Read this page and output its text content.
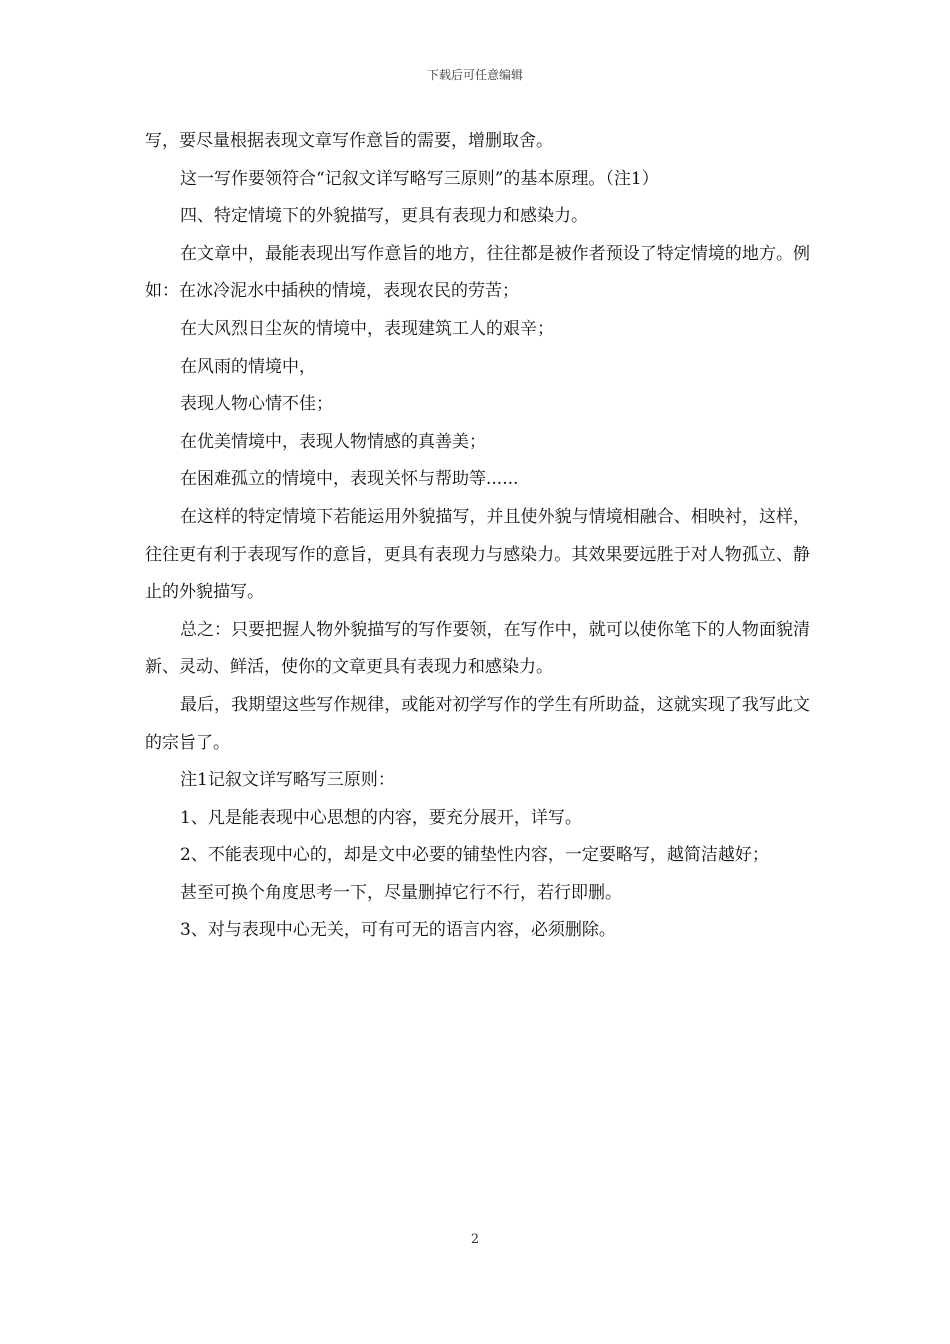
下载后可任意编辑

写，要尽量根据表现文章写作意旨的需要，增删取舍。

这一写作要领符合“记叙文详写略写三原则”的基本原理。（注1）

四、特定情境下的外貌描写，更具有表现力和感染力。

在文章中，最能表现出写作意旨的地方，往往都是被作者预设了特定情境的地方。例如：在冰冷泥水中插秧的情境，表现农民的劳苦；

在大风烈日尘灰的情境中，表现建筑工人的艰辛；

在风雨的情境中，

表现人物心情不佳；

在优美情境中，表现人物情感的真善美；

在困难孤立的情境中，表现关怀与帮助等......

在这样的特定情境下若能运用外貌描写，并且使外貌与情境相融合、相映衬，这样，往往更有利于表现写作的意旨，更具有表现力与感染力。其效果要远胜于对人物孤立、静止的外貌描写。

总之：只要把握人物外貌描写的写作要领，在写作中，就可以使你笔下的人物面貌清新、灵动、鲜活，使你的文章更具有表现力和感染力。

最后，我期望这些写作规律，或能对初学写作的学生有所助益，这就实现了我写此文的宗旨了。

注1记叙文详写略写三原则：

1、凡是能表现中心思想的内容，要充分展开，详写。

2、不能表现中心的，却是文中必要的铺垫性内容，一定要略写，越简洁越好；

甚至可换个角度思考一下，尽量删掉它行不行，若行即删。

3、对与表现中心无关，可有可无的语言内容，必须删除。

2
